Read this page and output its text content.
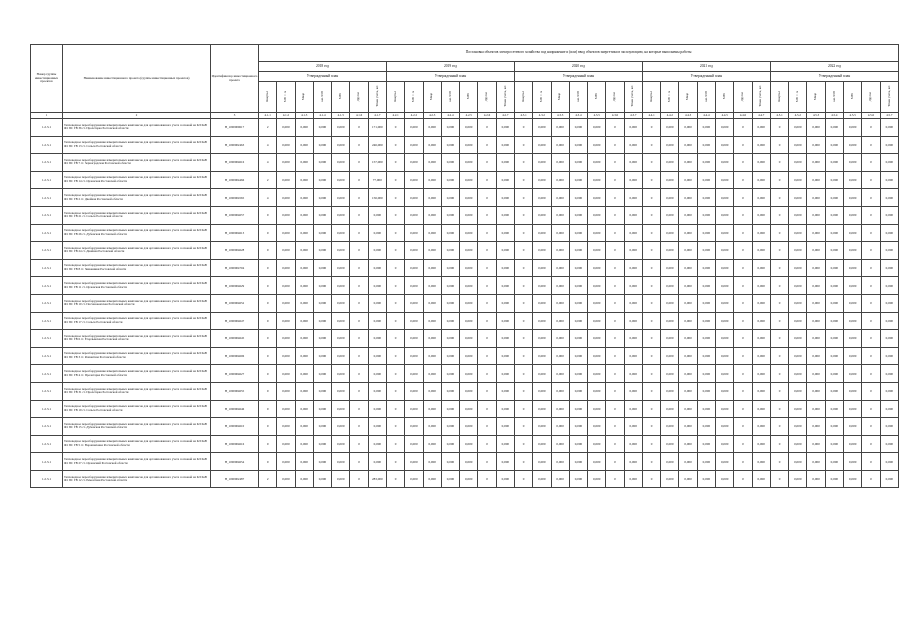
Номер группы инвестиционных проектов	Наименование инвестиционного проекта (группы инвестиционных проектов)	Идентификатор инвестиционного проекта	Постановка объектов электросетевого хозяйства под напряжение и (или) ввод объектов энергетики в эксплуатацию, на которые выполнены работы																																		
			2018 год							2019 год							2020 год							2021 год							2022 год						
			Утвержденный план							Утвержденный план							Утвержденный план							Утвержденный план							Утвержденный план						
			Квартал	МВ×А	Мвар	км ЛЭП	МВт	Другое	Точки учета, шт.	Квартал	МВ×А	Мвар	км ЛЭП	МВт	Другое	Точки учета, шт.	Квартал	МВ×А	Мвар	км ЛЭП	МВт	Другое	Точки учета, шт.	Квартал	МВ×А	Мвар	км ЛЭП	МВт	Другое	Точки учета, шт.	Квартал	МВ×А	Мвар	км ЛЭП	МВт	Другое	Точки учета, шт.
1	2	3	4.1.1	4.1.2	4.1.3	4.1.4	4.1.5	4.1.6	4.1.7	4.2.1	4.2.2	4.2.3	4.2.4	4.2.5	4.2.6	4.2.7	4.3.1	4.3.2	4.3.3	4.3.4	4.3.5	4.3.6	4.3.7	4.4.1	4.4.2	4.4.3	4.4.4	4.4.5	4.4.6	4.4.7	4.5.1	4.5.2	4.5.3	4.5.4	4.5.5	4.5.6	4.5.7
1.2.3.1	Тепловодное переоборудование измерительных комплексов для организованного учета сосновой на КЛ 6кВ Ф1 ПС ГВ 36 ст. Пролетарка Ростовской области	H_1000000617	2	0,000	0,000	0,000	0,000	0	171,000	0	0,000	0,000	0,000	0,000	0	0,000	0	0,000	0,000	0,000	0,000	0	0,000	0	0,000	0,000	0,000	0,000	0	0,000	0	0,000	0,000	0,000	0,000	0	0,000
1.2.3.1	Тепловодное переоборудование измерительных комплексов для организованного учета сосновой на КЛ 6кВ Ф1 ПС ГВ 13 ст. Сальск Ростовской области	H_1000002463	4	0,000	0,000	0,000	0,000	0	246,000	0	0,000	0,000	0,000	0,000	0	0,000	0	0,000	0,000	0,000	0,000	0	0,000	0	0,000	0,000	0,000	0,000	0	0,000	0	0,000	0,000	0,000	0,000	0	0,000
1.2.3.1	Тепловодное переоборудование измерительных комплексов для организованного учета сосновой на КЛ 6кВ Ф1 ПС ГВ 7 ст. Зерноградская Ростовской области	H_1000004616	4	0,000	0,000	0,000	0,000	0	157,000	0	0,000	0,000	0,000	0,000	0	0,000	0	0,000	0,000	0,000	0,000	0	0,000	0	0,000	0,000	0,000	0,000	0	0,000	0	0,000	0,000	0,000	0,000	0	0,000
1.2.3.1	Тепловодное переоборудование измерительных комплексов для организованного учета сосновой на КЛ 6кВ Ф1 ПС ГВ 14 ст. Орловская Ростовской области	H_1000004466	2	0,000	0,000	0,000	0,000	0	77,000	0	0,000	0,000	0,000	0,000	0	0,000	0	0,000	0,000	0,000	0,000	0	0,000	0	0,000	0,000	0,000	0,000	0	0,000	0	0,000	0,000	0,000	0,000	0	0,000
1.2.3.1	Тепловодное переоборудование измерительных комплексов для организованного учета сосновой на КЛ 6кВ Ф1 ПС ГВ 2 ст. Двойная Ростовской области	H_1000004565	4	0,000	0,000	0,000	0,000	0	156,000	0	0,000	0,000	0,000	0,000	0	0,000	0	0,000	0,000	0,000	0,000	0	0,000	0	0,000	0,000	0,000	0,000	0	0,000	0	0,000	0,000	0,000	0,000	0	0,000
1.2.3.1	Тепловодное переоборудование измерительных комплексов для организованного учета сосновой на КЛ 6кВ Ф1 ПС ГВ 21 ст. Сальск Ростовской области	H_1000004657	0	0,000	0,000	0,000	0,000	0	0,000	0	0,000	0,000	0,000	0,000	0	0,000	0	0,000	0,000	0,000	0,000	0	0,000	0	0,000	0,000	0,000	0,000	0	0,000	0	0,000	0,000	0,000	0,000	0	0,000
1.2.3.1	Тепловодное переоборудование измерительных комплексов для организованного учета сосновой на КЛ 6кВ Ф1 ПС ГВ 26 ст. Дубовская Ростовской области	H_1000004613	0	0,000	0,000	0,000	0,000	0	0,000	0	0,000	0,000	0,000	0,000	0	0,000	0	0,000	0,000	0,000	0,000	0	0,000	0	0,000	0,000	0,000	0,000	0	0,000	0	0,000	0,000	0,000	0,000	0	0,000
1.2.3.1	Тепловодное переоборудование измерительных комплексов для организованного учета сосновой на КЛ 6кВ Ф1 ПС ГВ 24 ст. Двойная Ростовской области	H_1000004628	0	0,000	0,000	0,000	0,000	0	0,000	0	0,000	0,000	0,000	0,000	0	0,000	0	0,000	0,000	0,000	0,000	0	0,000	0	0,000	0,000	0,000	0,000	0	0,000	0	0,000	0,000	0,000	0,000	0	0,000
1.2.3.1	Тепловодное переоборудование измерительных комплексов для организованного учета сосновой на КЛ 6кВ Ф1 ПС ГВ 8 ст. Зимовники Ростовской области	H_1000004704	0	0,000	0,000	0,000	0,000	0	0,000	0	0,000	0,000	0,000	0,000	0	0,000	0	0,000	0,000	0,000	0,000	0	0,000	0	0,000	0,000	0,000	0,000	0	0,000	0	0,000	0,000	0,000	0,000	0	0,000
1.2.3.1	Тепловодное переоборудование измерительных комплексов для организованного учета сосновой на КЛ 6кВ Ф1 ПС ГВ 11 ст. Орловская Ростовской области	H_1000004629	0	0,000	0,000	0,000	0,000	0	0,000	0	0,000	0,000	0,000	0,000	0	0,000	0	0,000	0,000	0,000	0,000	0	0,000	0	0,000	0,000	0,000	0,000	0	0,000	0	0,000	0,000	0,000	0,000	0	0,000
1.2.3.1	Тепловодное переоборудование измерительных комплексов для организованного учета сосновой на КЛ 6кВ Ф1 ПС ГВ 10 ст. Песчанокопская Ростовской области	H_1000004652	0	0,000	0,000	0,000	0,000	0	0,000	0	0,000	0,000	0,000	0,000	0	0,000	0	0,000	0,000	0,000	0,000	0	0,000	0	0,000	0,000	0,000	0,000	0	0,000	0	0,000	0,000	0,000	0,000	0	0,000
1.2.3.1	Тепловодное переоборудование измерительных комплексов для организованного учета сосновой на КЛ 6кВ Ф1 ПС ГВ 17 ст. Сальск Ростовской области	H_1000004647	0	0,000	0,000	0,000	0,000	0	0,000	0	0,000	0,000	0,000	0,000	0	0,000	0	0,000	0,000	0,000	0,000	0	0,000	0	0,000	0,000	0,000	0,000	0	0,000	0	0,000	0,000	0,000	0,000	0	0,000
1.2.3.1	Тепловодное переоборудование измерительных комплексов для организованного учета сосновой на КЛ 6кВ Ф1 ПС ГВ 6 ст. Егорлыкская Ростовской области	H_1000004645	0	0,000	0,000	0,000	0,000	0	0,000	0	0,000	0,000	0,000	0,000	0	0,000	0	0,000	0,000	0,000	0,000	0	0,000	0	0,000	0,000	0,000	0,000	0	0,000	0	0,000	0,000	0,000	0,000	0	0,000
1.2.3.1	Тепловодное переоборудование измерительных комплексов для организованного учета сосновой на КЛ 6кВ Ф1 ПС ГВ 3 ст. Ремонтная Ростовской области	H_1000004606	0	0,000	0,000	0,000	0,000	0	0,000	0	0,000	0,000	0,000	0,000	0	0,000	0	0,000	0,000	0,000	0,000	0	0,000	0	0,000	0,000	0,000	0,000	0	0,000	0	0,000	0,000	0,000	0,000	0	0,000
1.2.3.1	Тепловодное переоборудование измерительных комплексов для организованного учета сосновой на КЛ 6кВ Ф1 ПС ГВ 4 ст. Пролетарка Ростовской области	H_1000004627	0	0,000	0,000	0,000	0,000	0	0,000	0	0,000	0,000	0,000	0,000	0	0,000	0	0,000	0,000	0,000	0,000	0	0,000	0	0,000	0,000	0,000	0,000	0	0,000	0	0,000	0,000	0,000	0,000	0	0,000
1.2.3.1	Тепловодное переоборудование измерительных комплексов для организованного учета сосновой на КЛ 6кВ Ф1 ПС ГВ 31 ст. Пролетарка Ростовской области	H_1000004655	0	0,000	0,000	0,000	0,000	0	0,000	0	0,000	0,000	0,000	0,000	0	0,000	0	0,000	0,000	0,000	0,000	0	0,000	0	0,000	0,000	0,000	0,000	0	0,000	0	0,000	0,000	0,000	0,000	0	0,000
1.2.3.1	Тепловодное переоборудование измерительных комплексов для организованного учета сосновой на КЛ 6кВ Ф1 ПС ГВ 19 ст. Сальск Ростовской области	H_1000004646	0	0,000	0,000	0,000	0,000	0	0,000	0	0,000	0,000	0,000	0,000	0	0,000	0	0,000	0,000	0,000	0,000	0	0,000	0	0,000	0,000	0,000	0,000	0	0,000	0	0,000	0,000	0,000	0,000	0	0,000
1.2.3.1	Тепловодное переоборудование измерительных комплексов для организованного учета сосновой на КЛ 6кВ Ф1 ПС ГВ 15 ст. Дубовская Ростовской области	H_1000004610	0	0,000	0,000	0,000	0,000	0	0,000	0	0,000	0,000	0,000	0,000	0	0,000	0	0,000	0,000	0,000	0,000	0	0,000	0	0,000	0,000	0,000	0,000	0	0,000	0	0,000	0,000	0,000	0,000	0	0,000
1.2.3.1	Тепловодное переоборудование измерительных комплексов для организованного учета сосновой на КЛ 6кВ Ф1 ПС ГВ 5 ст. Ворошиловка Ростовской области	H_1000004616	0	0,000	0,000	0,000	0,000	0	0,000	0	0,000	0,000	0,000	0,000	0	0,000	0	0,000	0,000	0,000	0,000	0	0,000	0	0,000	0,000	0,000	0,000	0	0,000	0	0,000	0,000	0,000	0,000	0	0,000
1.2.3.1	Тепловодное переоборудование измерительных комплексов для организованного учета сосновой на КЛ 6кВ Ф1 ПС ГВ 27 ст. Орловский Ростовской области	H_1000004654	0	0,000	0,000	0,000	0,000	0	0,000	0	0,000	0,000	0,000	0,000	0	0,000	0	0,000	0,000	0,000	0,000	0	0,000	0	0,000	0,000	0,000	0,000	0	0,000	0	0,000	0,000	0,000	0,000	0	0,000
1.2.3.1	Тепловодное переоборудование измерительных комплексов для организованного учета сосновой на КЛ 6кВ Ф1 ПС ГВ 12 ст. Ремонтная Ростовской области	H_1000002487	2	0,000	0,000	0,000	0,000	0	283,000	0	0,000	0,000	0,000	0,000	0	0,000	0	0,000	0,000	0,000	0,000	0	0,000	0	0,000	0,000	0,000	0,000	0	0,000	0	0,000	0,000	0,000	0,000	0	0,000
